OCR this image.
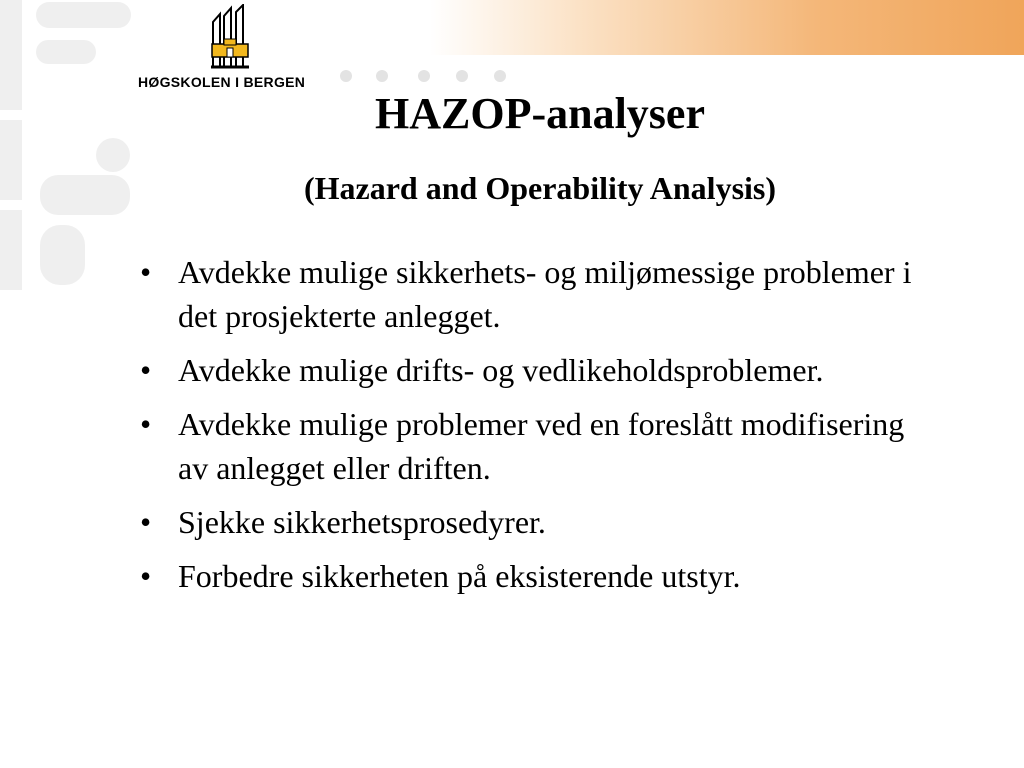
HØGSKOLEN I BERGEN
HAZOP-analyser
(Hazard and Operability Analysis)
• Avdekke mulige sikkerhets- og miljømessige problemer i det prosjekterte anlegget.
• Avdekke mulige drifts- og vedlikeholdsproblemer.
• Avdekke mulige problemer ved en foreslått modifisering av anlegget eller driften.
• Sjekke sikkerhetsprosedyrer.
• Forbedre sikkerheten på eksisterende utstyr.
